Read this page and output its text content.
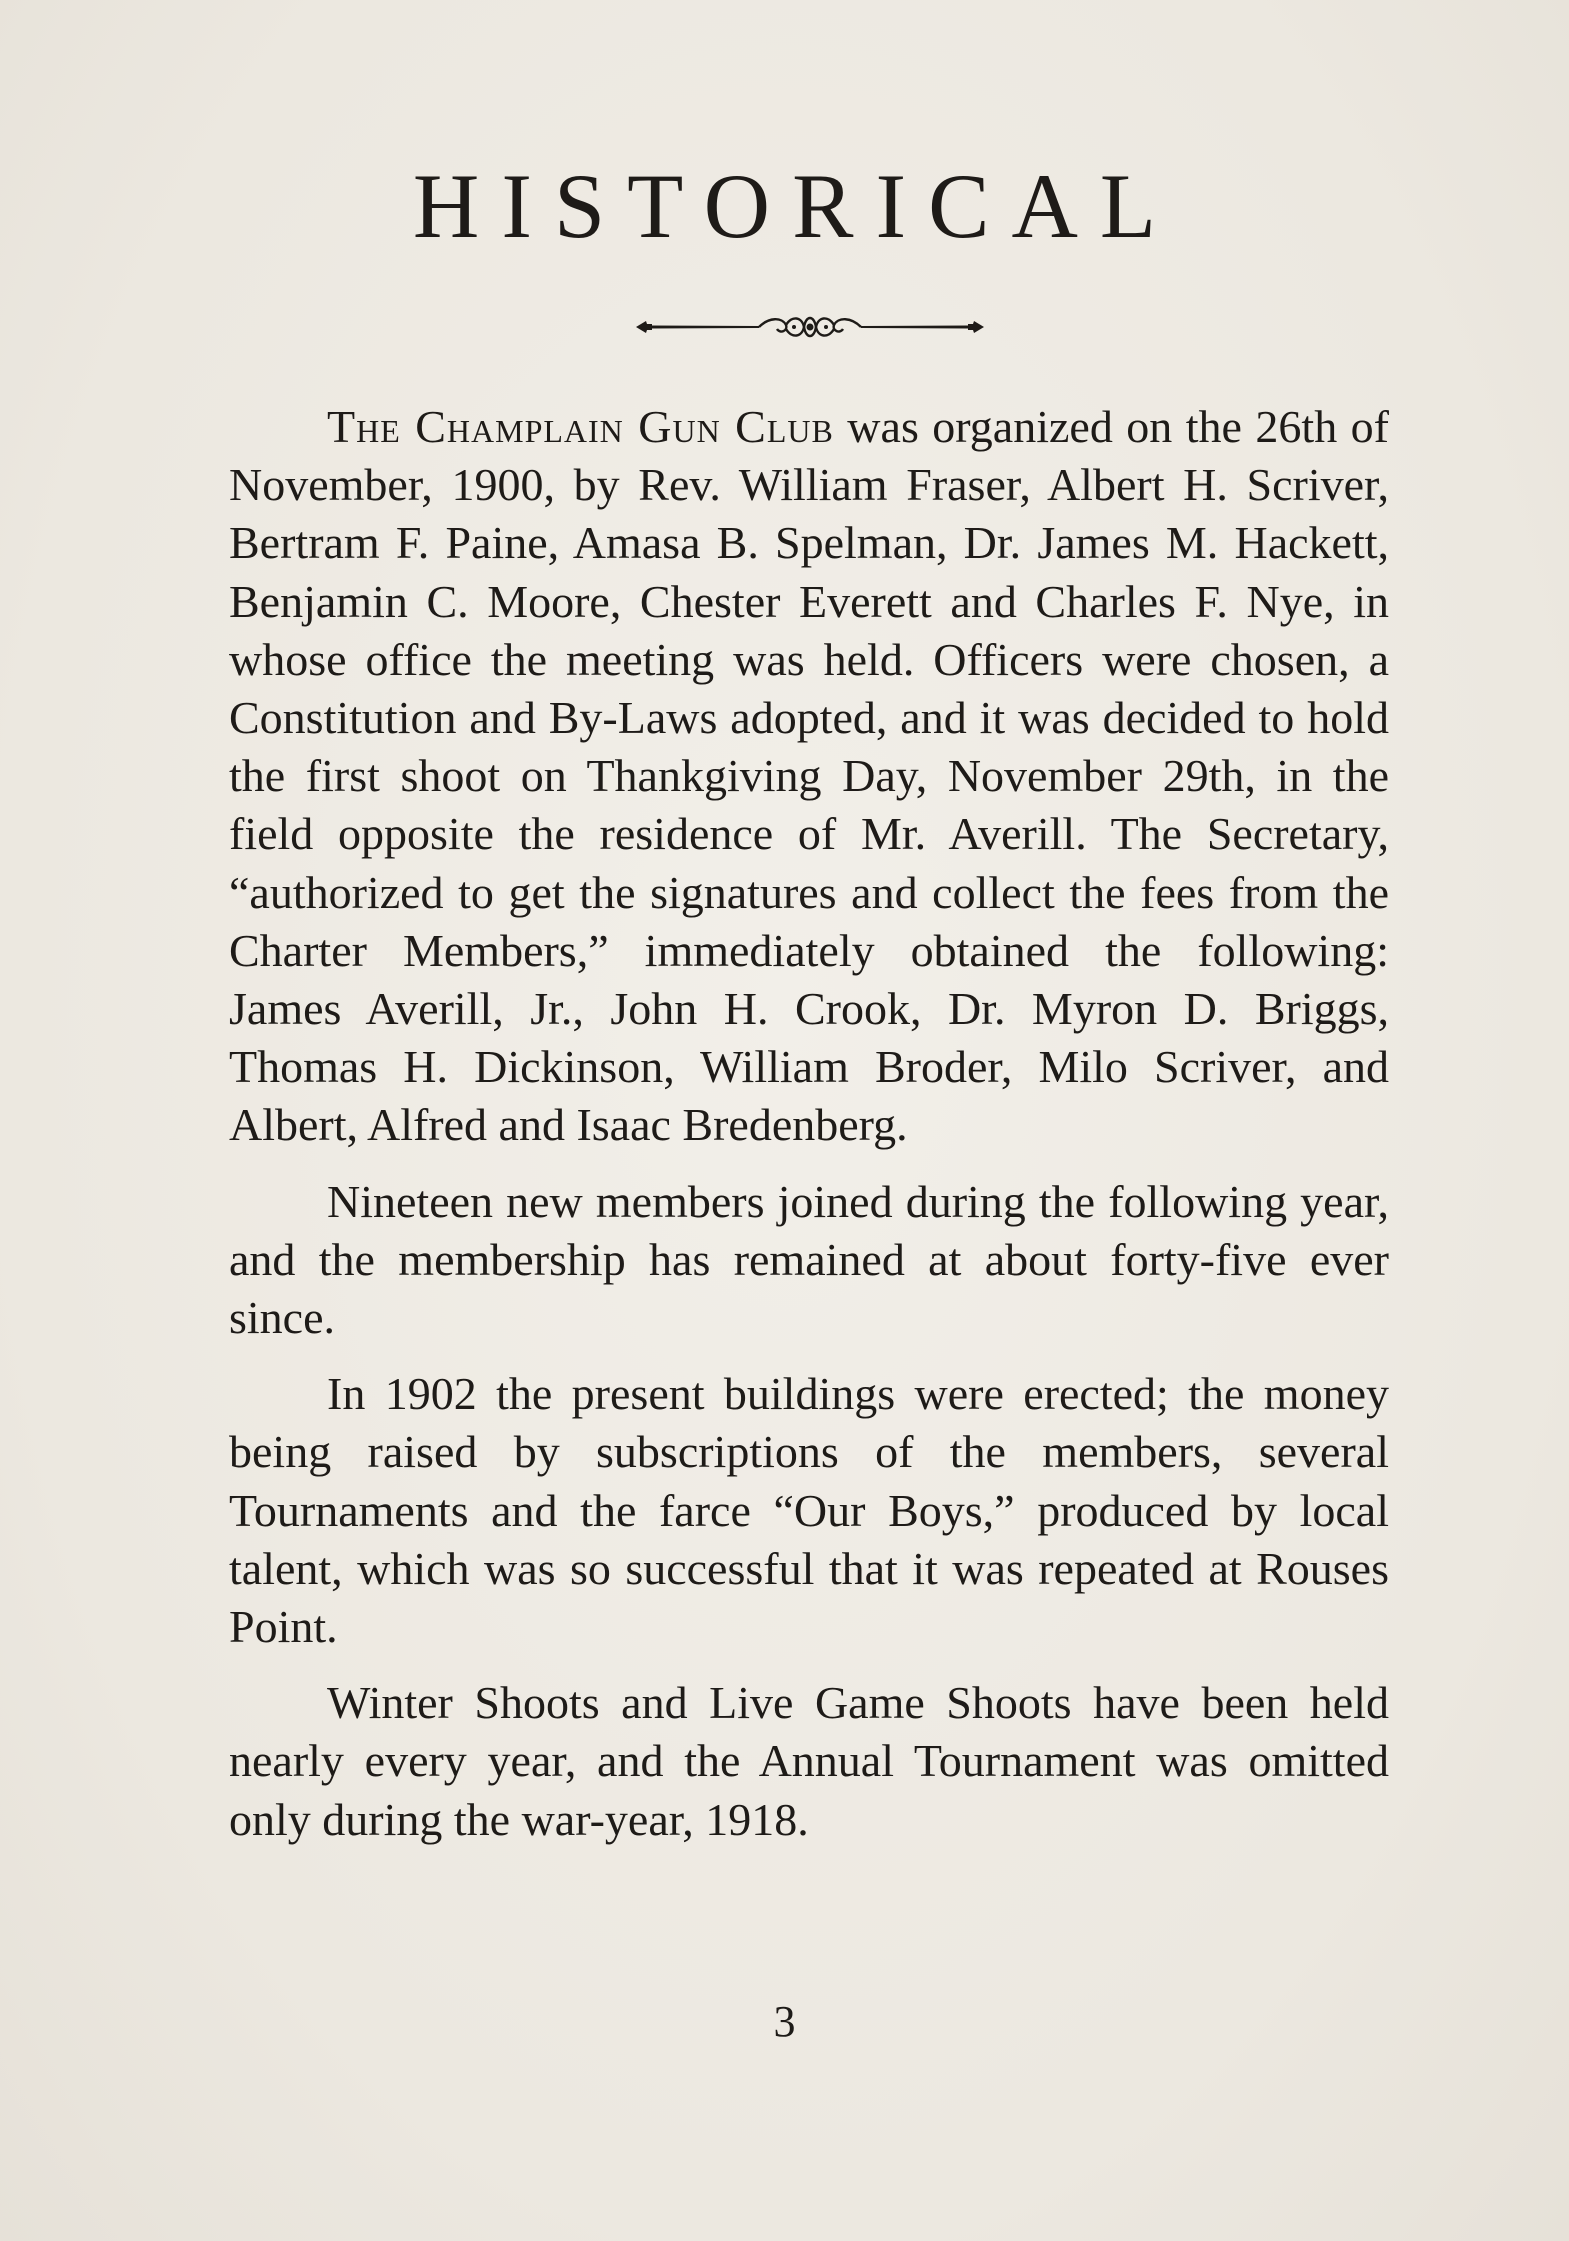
HISTORICAL

The Champlain Gun Club was organized on the 26th of November, 1900, by Rev. William Fraser, Albert H. Scriver, Bertram F. Paine, Amasa B. Spelman, Dr. James M. Hackett, Benjamin C. Moore, Chester Everett and Charles F. Nye, in whose office the meeting was held. Officers were chosen, a Constitution and By-Laws adopted, and it was decided to hold the first shoot on Thankgiving Day, November 29th, in the field opposite the residence of Mr. Averill. The Secretary, “authorized to get the signatures and collect the fees from the Charter Members,” immediately obtained the following: James Averill, Jr., John H. Crook, Dr. Myron D. Briggs, Thomas H. Dickinson, William Broder, Milo Scriver, and Albert, Alfred and Isaac Bredenberg.

Nineteen new members joined during the following year, and the membership has remained at about forty-five ever since.

In 1902 the present buildings were erected; the money being raised by subscriptions of the members, several Tournaments and the farce “Our Boys,” produced by local talent, which was so successful that it was repeated at Rouses Point.

Winter Shoots and Live Game Shoots have been held nearly every year, and the Annual Tournament was omitted only during the war-year, 1918.

3
